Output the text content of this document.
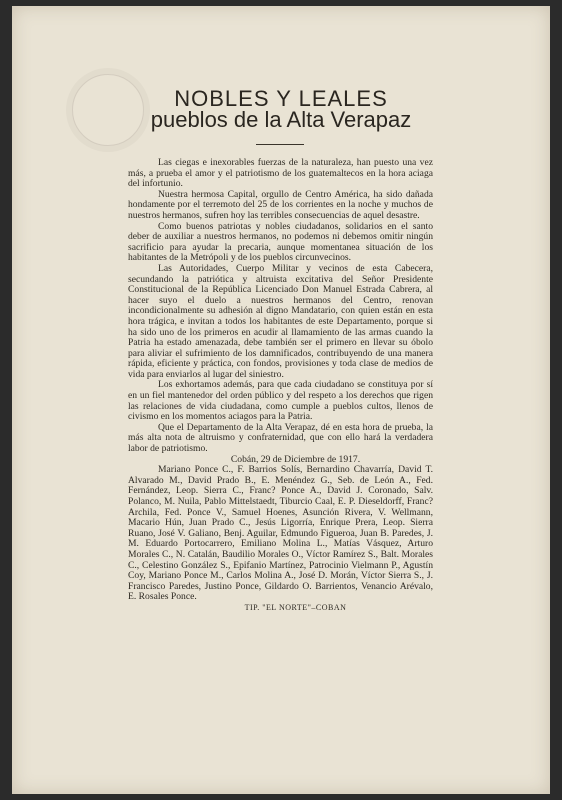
NOBLES Y LEALES
pueblos de la Alta Verapaz

Las ciegas e inexorables fuerzas de la naturaleza, han puesto una vez más, a prueba el amor y el patriotismo de los guatemaltecos en la hora aciaga del infortunio.

Nuestra hermosa Capital, orgullo de Centro América, ha sido dañada hondamente por el terremoto del 25 de los corrientes en la noche y muchos de nuestros hermanos, sufren hoy las terribles consecuencias de aquel desastre.

Como buenos patriotas y nobles ciudadanos, solidarios en el santo deber de auxiliar a nuestros hermanos, no podemos ni debemos omitir ningún sacrificio para ayudar la precaria, aunque momentanea situación de los habitantes de la Metrópoli y de los pueblos circunvecinos.

Las Autoridades, Cuerpo Militar y vecinos de esta Cabecera, secundando la patriótica y altruista excitativa del Señor Presidente Constitucional de la República Licenciado Don Manuel Estrada Cabrera, al hacer suyo el duelo a nuestros hermanos del Centro, renovan incondicionalmente su adhesión al digno Mandatario, con quien están en esta hora trágica, e invitan a todos los habitantes de este Departamento, porque si ha sido uno de los primeros en acudir al llamamiento de las armas cuando la Patria ha estado amenazada, debe también ser el primero en llevar su óbolo para aliviar el sufrimiento de los damnificados, contribuyendo de una manera rápida, eficiente y práctica, con fondos, provisiones y toda clase de medios de vida para enviarlos al lugar del siniestro.

Los exhortamos además, para que cada ciudadano se constituya por sí en un fiel mantenedor del orden público y del respeto a los derechos que rigen las relaciones de vida ciudadana, como cumple a pueblos cultos, llenos de civismo en los momentos aciagos para la Patria.

Que el Departamento de la Alta Verapaz, dé en esta hora de prueba, la más alta nota de altruismo y confraternidad, que con ello hará la verdadera labor de patriotismo.

Cobán, 29 de Diciembre de 1917.

Mariano Ponce C., F. Barrios Solís, Bernardino Chavarría, David T. Alvarado M., David Prado B., E. Menéndez G., Seb. de León A., Fed. Fernández, Leop. Sierra C., Franc? Ponce A., David J. Coronado, Salv. Polanco, M. Nuila, Pablo Mittelstaedt, Tiburcio Caal, E. P. Dieseldorff, Franc? Archila, Fed. Ponce V., Samuel Hoenes, Asunción Rivera, V. Wellmann, Macario Hún, Juan Prado C., Jesús Ligorría, Enrique Prera, Leop. Sierra Ruano, José V. Galiano, Benj. Aguilar, Edmundo Figueroa, Juan B. Paredes, J. M. Eduardo Portocarrero, Emiliano Molina L., Matías Vásquez, Arturo Morales C., N. Catalán, Baudilio Morales O., Víctor Ramírez S., Balt. Morales C., Celestino González S., Epifanio Martínez, Patrocinio Vielmann P., Agustín Coy, Mariano Ponce M., Carlos Molina A., José D. Morán, Víctor Sierra S., J. Francisco Paredes, Justino Ponce, Gildardo O. Barrientos, Venancio Arévalo, E. Rosales Ponce.

TIP. "EL NORTE"–COBAN
